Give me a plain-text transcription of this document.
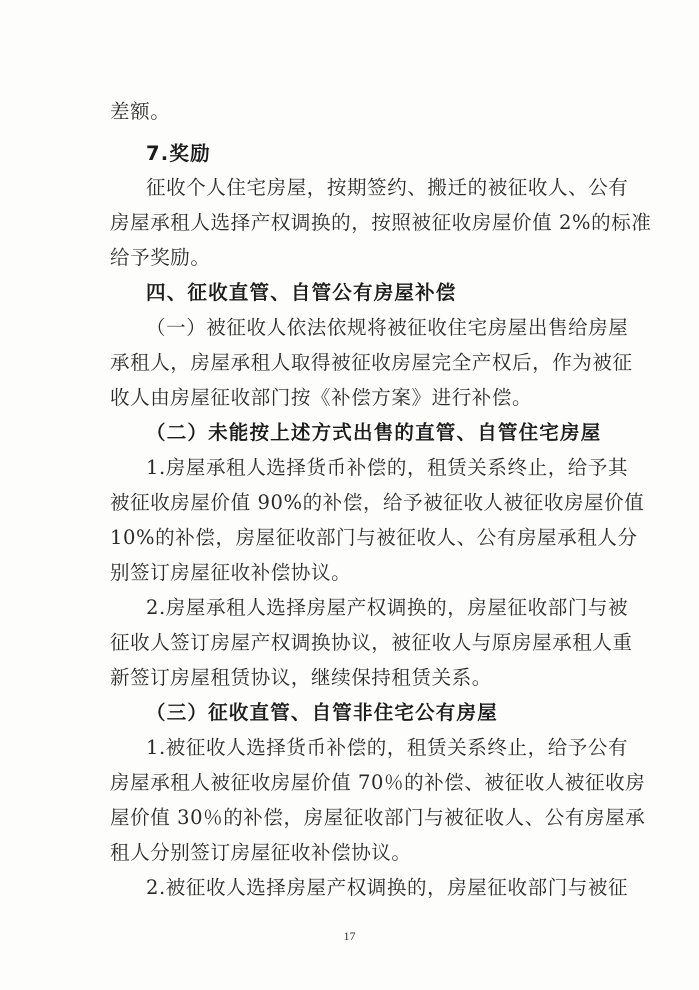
差额。
7.奖励
征收个人住宅房屋，按期签约、搬迁的被征收人、公有
房屋承租人选择产权调换的，按照被征收房屋价值 2%的标准
给予奖励。
四、征收直管、自管公有房屋补偿
（一）被征收人依法依规将被征收住宅房屋出售给房屋
承租人，房屋承租人取得被征收房屋完全产权后，作为被征
收人由房屋征收部门按《补偿方案》进行补偿。
（二）未能按上述方式出售的直管、自管住宅房屋
1.房屋承租人选择货币补偿的，租赁关系终止，给予其
被征收房屋价值 90%的补偿，给予被征收人被征收房屋价值
10%的补偿，房屋征收部门与被征收人、公有房屋承租人分
别签订房屋征收补偿协议。
2.房屋承租人选择房屋产权调换的，房屋征收部门与被
征收人签订房屋产权调换协议，被征收人与原房屋承租人重
新签订房屋租赁协议，继续保持租赁关系。
（三）征收直管、自管非住宅公有房屋
1.被征收人选择货币补偿的，租赁关系终止，给予公有
房屋承租人被征收房屋价值 70％的补偿、被征收人被征收房
屋价值 30％的补偿，房屋征收部门与被征收人、公有房屋承
租人分别签订房屋征收补偿协议。
2.被征收人选择房屋产权调换的，房屋征收部门与被征
17
